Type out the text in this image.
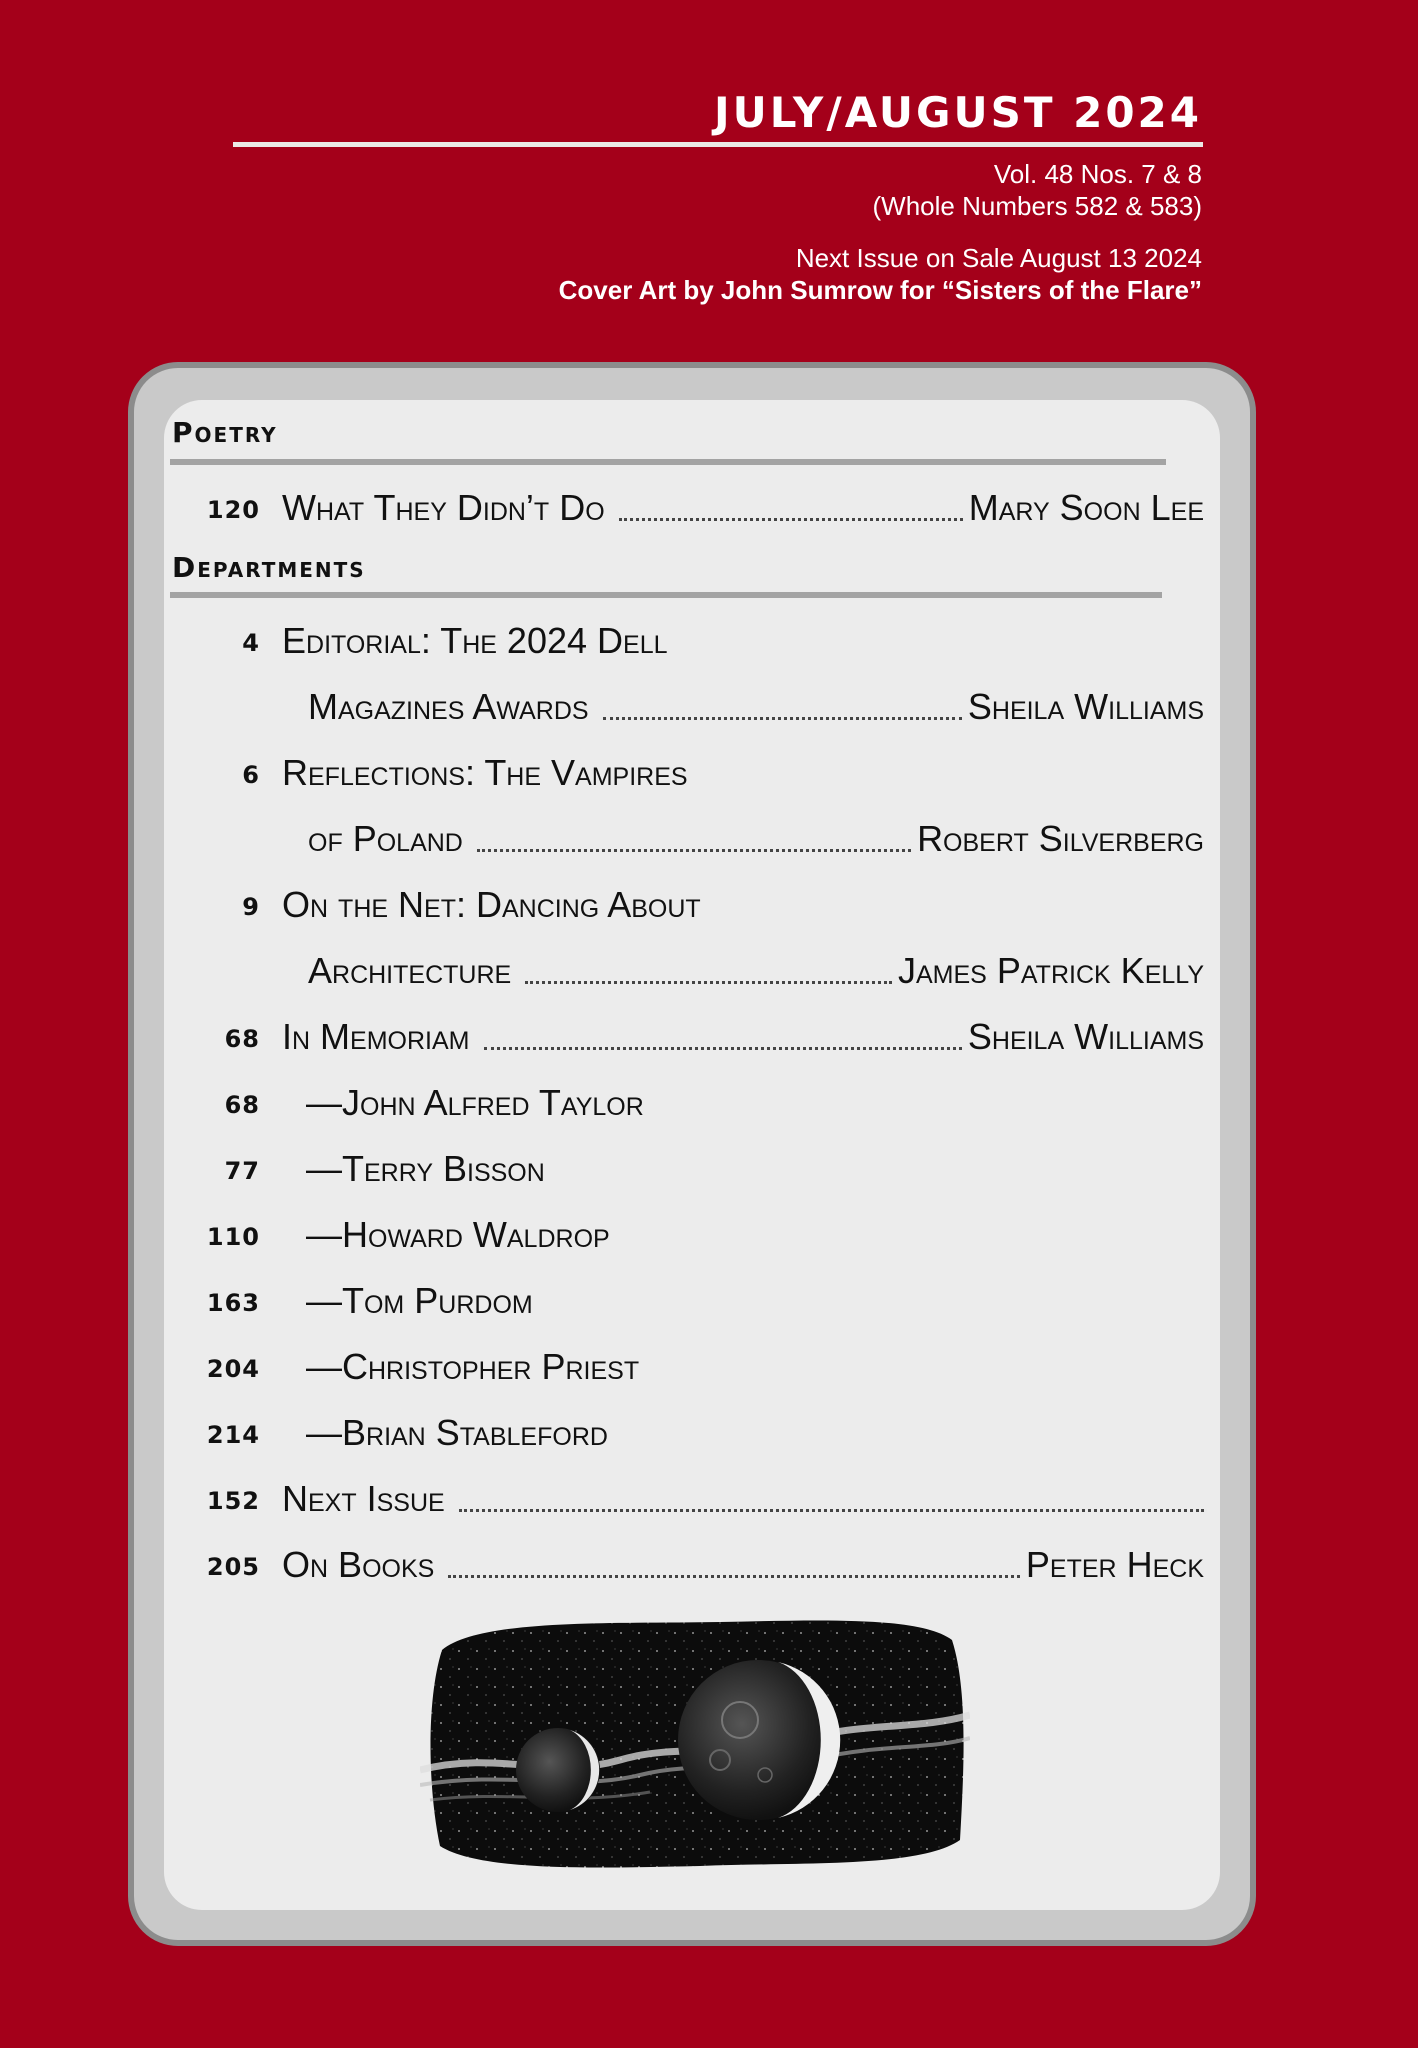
JULY/AUGUST 2024
Vol. 48 Nos. 7 & 8
(Whole Numbers 582 & 583)
Next Issue on Sale August 13 2024
Cover Art by John Sumrow for “Sisters of the Flare”
Poetry
120 What They Didn’t Do	Mary Soon Lee
Departments
4 Editorial: The 2024 Dell
Magazines Awards	Sheila Williams
6 Reflections: The Vampires
of Poland	Robert Silverberg
9 On the Net: Dancing About
Architecture	James Patrick Kelly
68 In Memoriam	Sheila Williams
68	— John Alfred Taylor
77	— Terry Bisson
110	— Howard Waldrop
163	— Tom Purdom
204	— Christopher Priest
214	— Brian Stableford
152 Next Issue
205 On Books	Peter Heck
